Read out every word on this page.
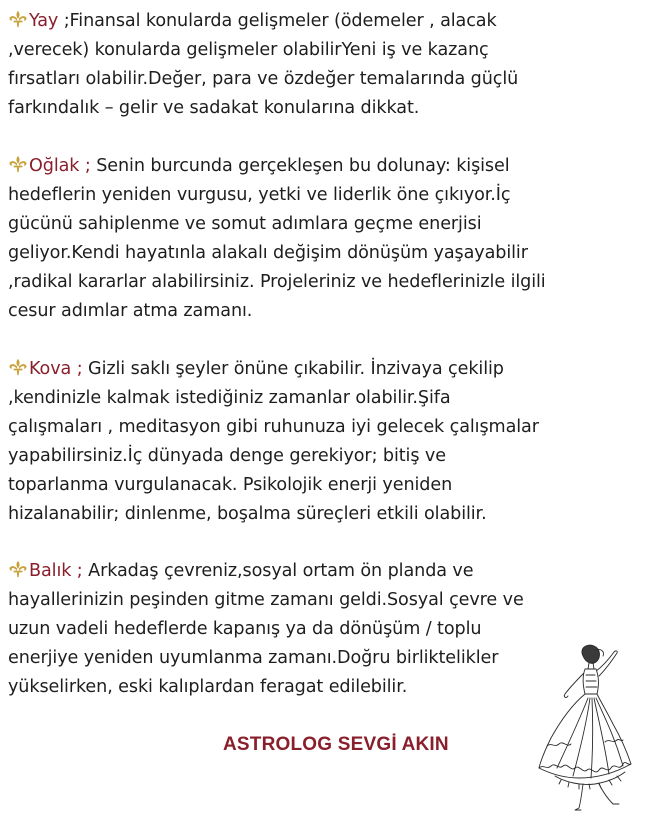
Yay ;Finansal konularda gelişmeler (ödemeler , alacak
,verecek) konularda gelişmeler olabilirYeni iş ve kazanç
fırsatları olabilir.Değer, para ve özdeğer temalarında güçlü
farkındalık – gelir ve sadakat konularına dikkat.
Oğlak ; Senin burcunda gerçekleşen bu dolunay: kişisel
hedeflerin yeniden vurgusu, yetki ve liderlik öne çıkıyor.İç
gücünü sahiplenme ve somut adımlara geçme enerjisi
geliyor.Kendi hayatınla alakalı değişim dönüşüm yaşayabilir
,radikal kararlar alabilirsiniz. Projeleriniz ve hedeflerinizle ilgili
cesur adımlar atma zamanı.
Kova ; Gizli saklı şeyler önüne çıkabilir. İnzivaya çekilip
,kendinizle kalmak istediğiniz zamanlar olabilir.Şifa
çalışmaları , meditasyon gibi ruhunuza iyi gelecek çalışmalar
yapabilirsiniz.İç dünyada denge gerekiyor; bitiş ve
toparlanma vurgulanacak. Psikolojik enerji yeniden
hizalanabilir; dinlenme, boşalma süreçleri etkili olabilir.
Balık ; Arkadaş çevreniz,sosyal ortam ön planda ve
hayallerinizin peşinden gitme zamanı geldi.Sosyal çevre ve
uzun vadeli hedeflerde kapanış ya da dönüşüm / toplu
enerjiye yeniden uyumlanma zamanı.Doğru birliktelikler
yükselirken, eski kalıplardan feragat edilebilir.
ASTROLOG SEVGİ AKIN
